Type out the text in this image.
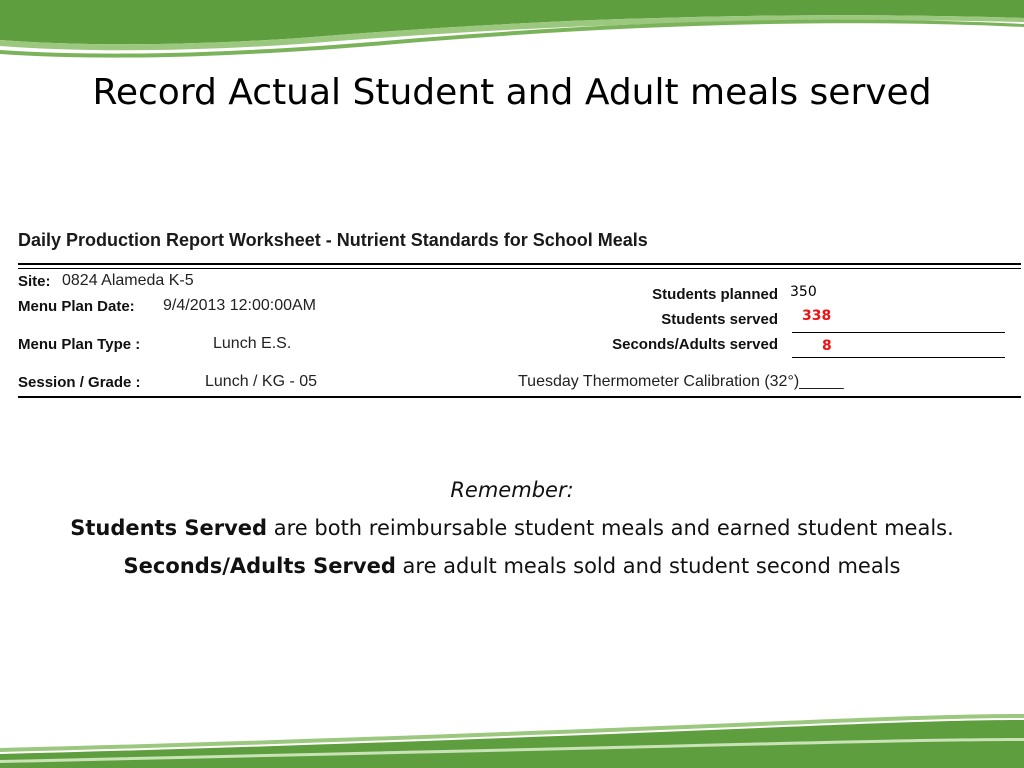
Record Actual Student and Adult meals served
Daily Production Report Worksheet - Nutrient Standards for School Meals
Site: 0824 Alameda K-5
Menu Plan Date: 9/4/2013 12:00:00AM
Menu Plan Type :	Lunch E.S.
Session / Grade :	Lunch / KG - 05
Students planned 350
Students served 338
Seconds/Adults served	8
Tuesday Thermometer Calibration (32°)_____
Remember:

Students Served are both reimbursable student meals and earned student meals.

Seconds/Adults Served are adult meals sold and student second meals
